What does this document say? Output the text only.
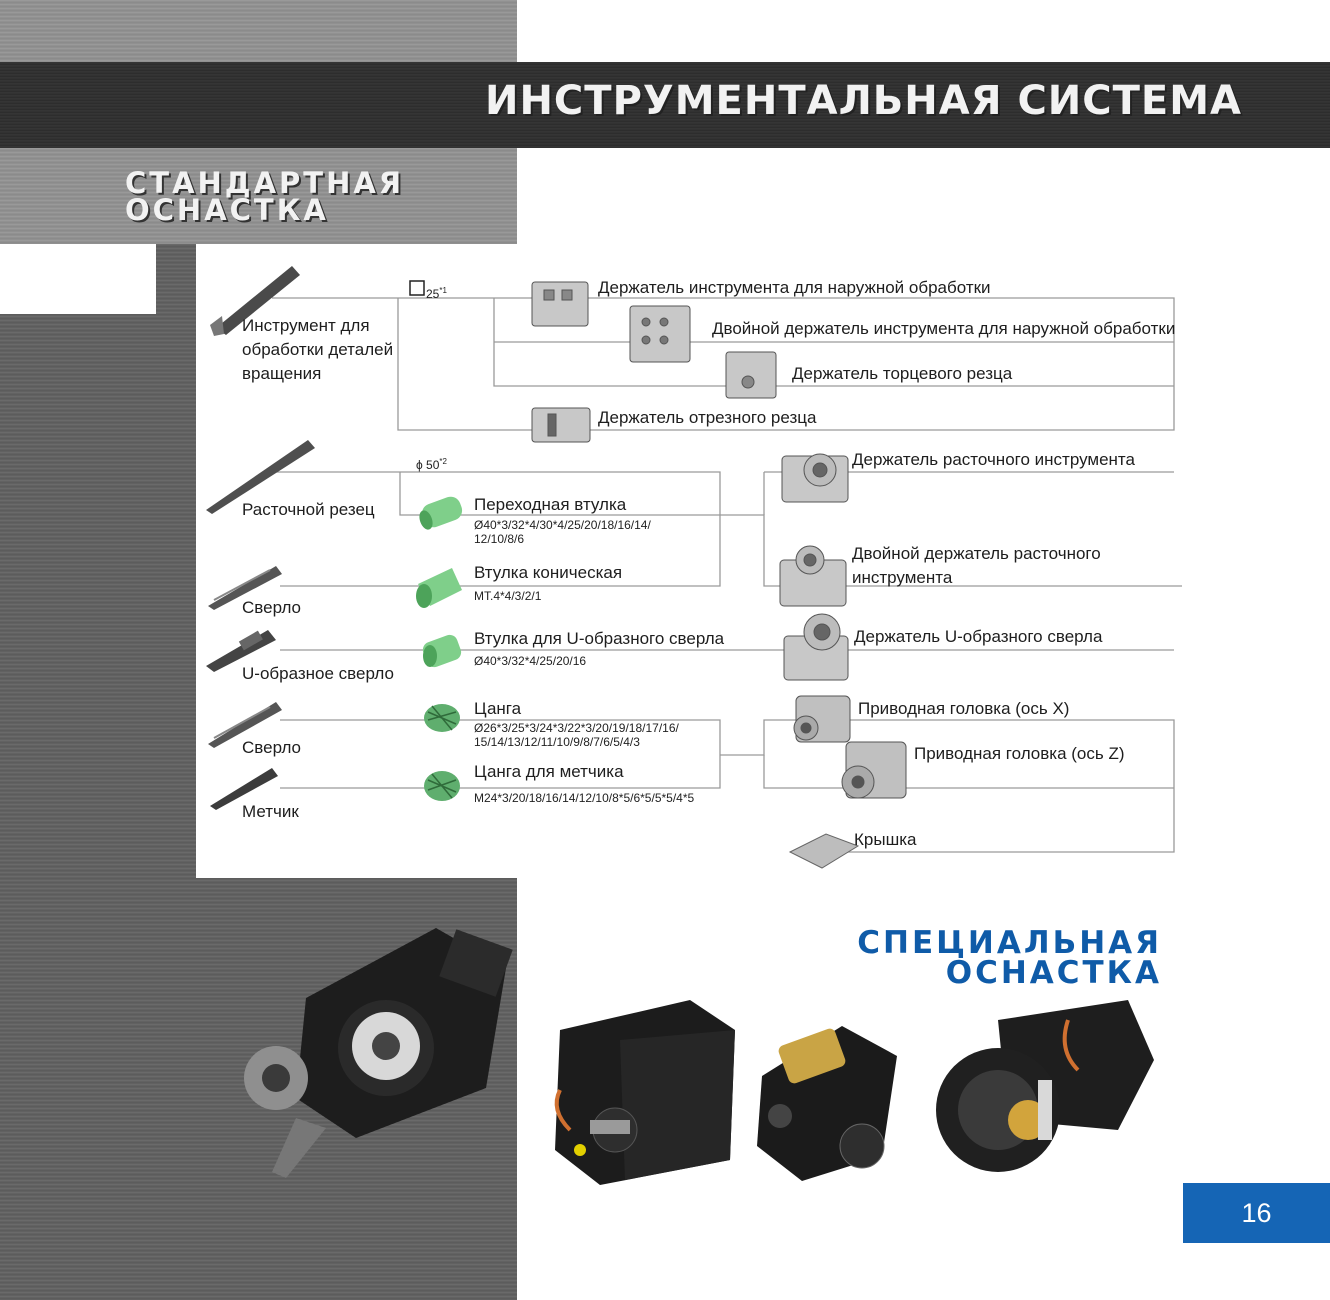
ИНСТРУМЕНТАЛЬНАЯ СИСТЕМА
СТАНДАРТНАЯ
ОСНАСТКА
25$^{*1}$
ϕ 50$^{*2}$
Инструмент для
обработки деталей
вращения
Расточной резец
Сверло
U-образное сверло
Сверло
Метчик
Держатель инструмента для наружной обработки
Двойной держатель инструмента для наружной обработки
Держатель торцевого резца
Держатель отрезного резца
Держатель расточного инструмента
Двойной держатель расточного
инструмента
Держатель U-образного сверла
Приводная головка (ось X)
Приводная головка (ось Z)
Крышка
Переходная втулка
Ø40*3/32*4/30*4/25/20/18/16/14/
12/10/8/6
Втулка коническая
MT.4*4/3/2/1
Втулка для U-образного сверла
Ø40*3/32*4/25/20/16
Цанга
Ø26*3/25*3/24*3/22*3/20/19/18/17/16/
15/14/13/12/11/10/9/8/7/6/5/4/3
Цанга для метчика
M24*3/20/18/16/14/12/10/8*5/6*5/5*5/4*5
СПЕЦИАЛЬНАЯ
ОСНАСТКА
16
